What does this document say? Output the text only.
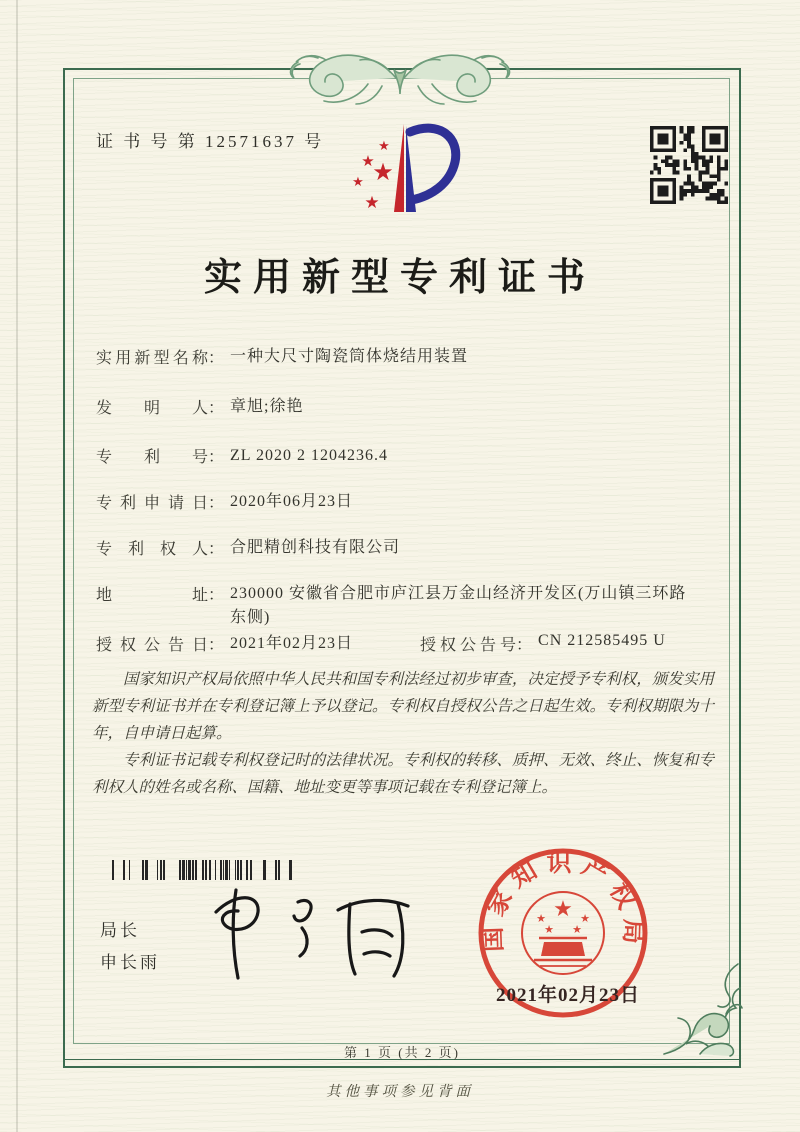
证 书 号 第 12571637 号	★
★
★ ★
★
实用新型专利证书
实用新型名称： 一种大尺寸陶瓷筒体烧结用装置
发明人： 章旭;徐艳
专利号： ZL 2020 2 1204236.4
专利申请日： 2020年06月23日
专利权人： 合肥精创科技有限公司
地址： 230000 安徽省合肥市庐江县万金山经济开发区(万山镇三环路东侧)
授权公告日： 2021年02月23日	授权公告号： CN 212585495 U

国家知识产权局依照中华人民共和国专利法经过初步审查，决定授予专利权，颁发实用新型专利证书并在专利登记簿上予以登记。专利权自授权公告之日起生效。专利权期限为十年，自申请日起算。

专利证书记载专利权登记时的法律状况。专利权的转移、质押、无效、终止、恢复和专利权人的姓名或名称、国籍、地址变更等事项记载在专利登记簿上。

局长
申长雨
国家知识产权局
★
★	★
★ ★
2021年02月23日
第 1 页 (共 2 页)
其他事项参见背面
